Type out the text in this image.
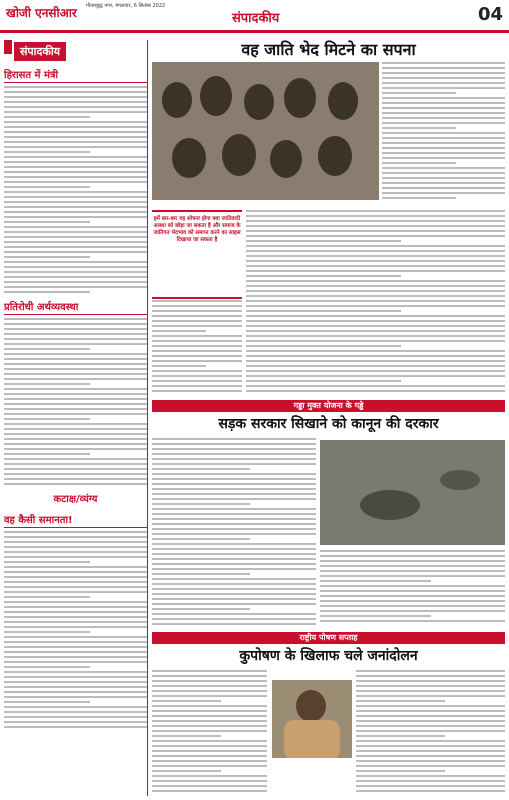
खोजी एनसीआर गौतमबुद्ध नगर, मंगलवार, 6 सितंबर 2022
संपादकीय	04
संपादकीय
हिरासत में मंत्री
प्रतिरोधी अर्थव्यवस्था
कटाक्ष/व्यंग्य
वह कैसी समानता!
वह जाति भेद मिटने का सपना
हमें बार-बार यह सोचना होगा क्या जातिवादी आस्था को छोड़ा जा सकता है और समाज के जातिगत भेदभाव को समाप्त करने का साहस दिखाया जा सकता है
गड्ढा मुक्त योजना के गड्ढे
सड़क सरकार सिखाने को कानून की दरकार
राष्ट्रीय पोषण सप्ताह
कुपोषण के खिलाफ चले जनांदोलन
